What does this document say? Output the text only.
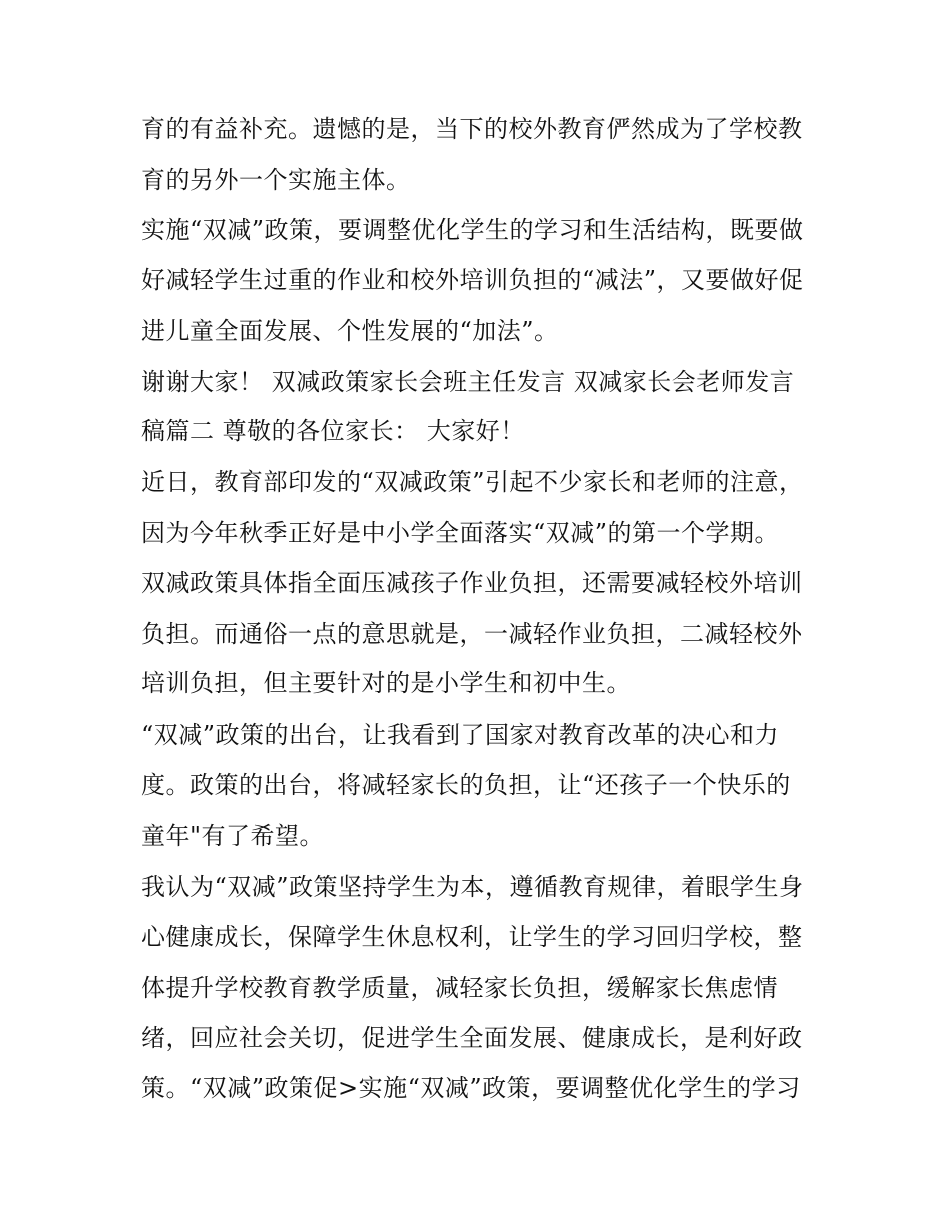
育的有益补充。遗憾的是，当下的校外教育俨然成为了学校教
育的另外一个实施主体。
实施“双减”政策，要调整优化学生的学习和生活结构，既要做
好减轻学生过重的作业和校外培训负担的“减法”，又要做好促
进儿童全面发展、个性发展的“加法”。
谢谢大家！ 双减政策家长会班主任发言 双减家长会老师发言
稿篇二 尊敬的各位家长： 大家好！
近日，教育部印发的“双减政策”引起不少家长和老师的注意，
因为今年秋季正好是中小学全面落实“双减”的第一个学期。
双减政策具体指全面压减孩子作业负担，还需要减轻校外培训
负担。而通俗一点的意思就是，一减轻作业负担，二减轻校外
培训负担，但主要针对的是小学生和初中生。
“双减”政策的出台，让我看到了国家对教育改革的决心和力
度。政策的出台，将减轻家长的负担，让“还孩子一个快乐的
童年"有了希望。
我认为“双减”政策坚持学生为本，遵循教育规律，着眼学生身
心健康成长，保障学生休息权利，让学生的学习回归学校，整
体提升学校教育教学质量，减轻家长负担，缓解家长焦虑情
绪，回应社会关切，促进学生全面发展、健康成长，是利好政
策。“双减”政策促>实施“双减”政策，要调整优化学生的学习
